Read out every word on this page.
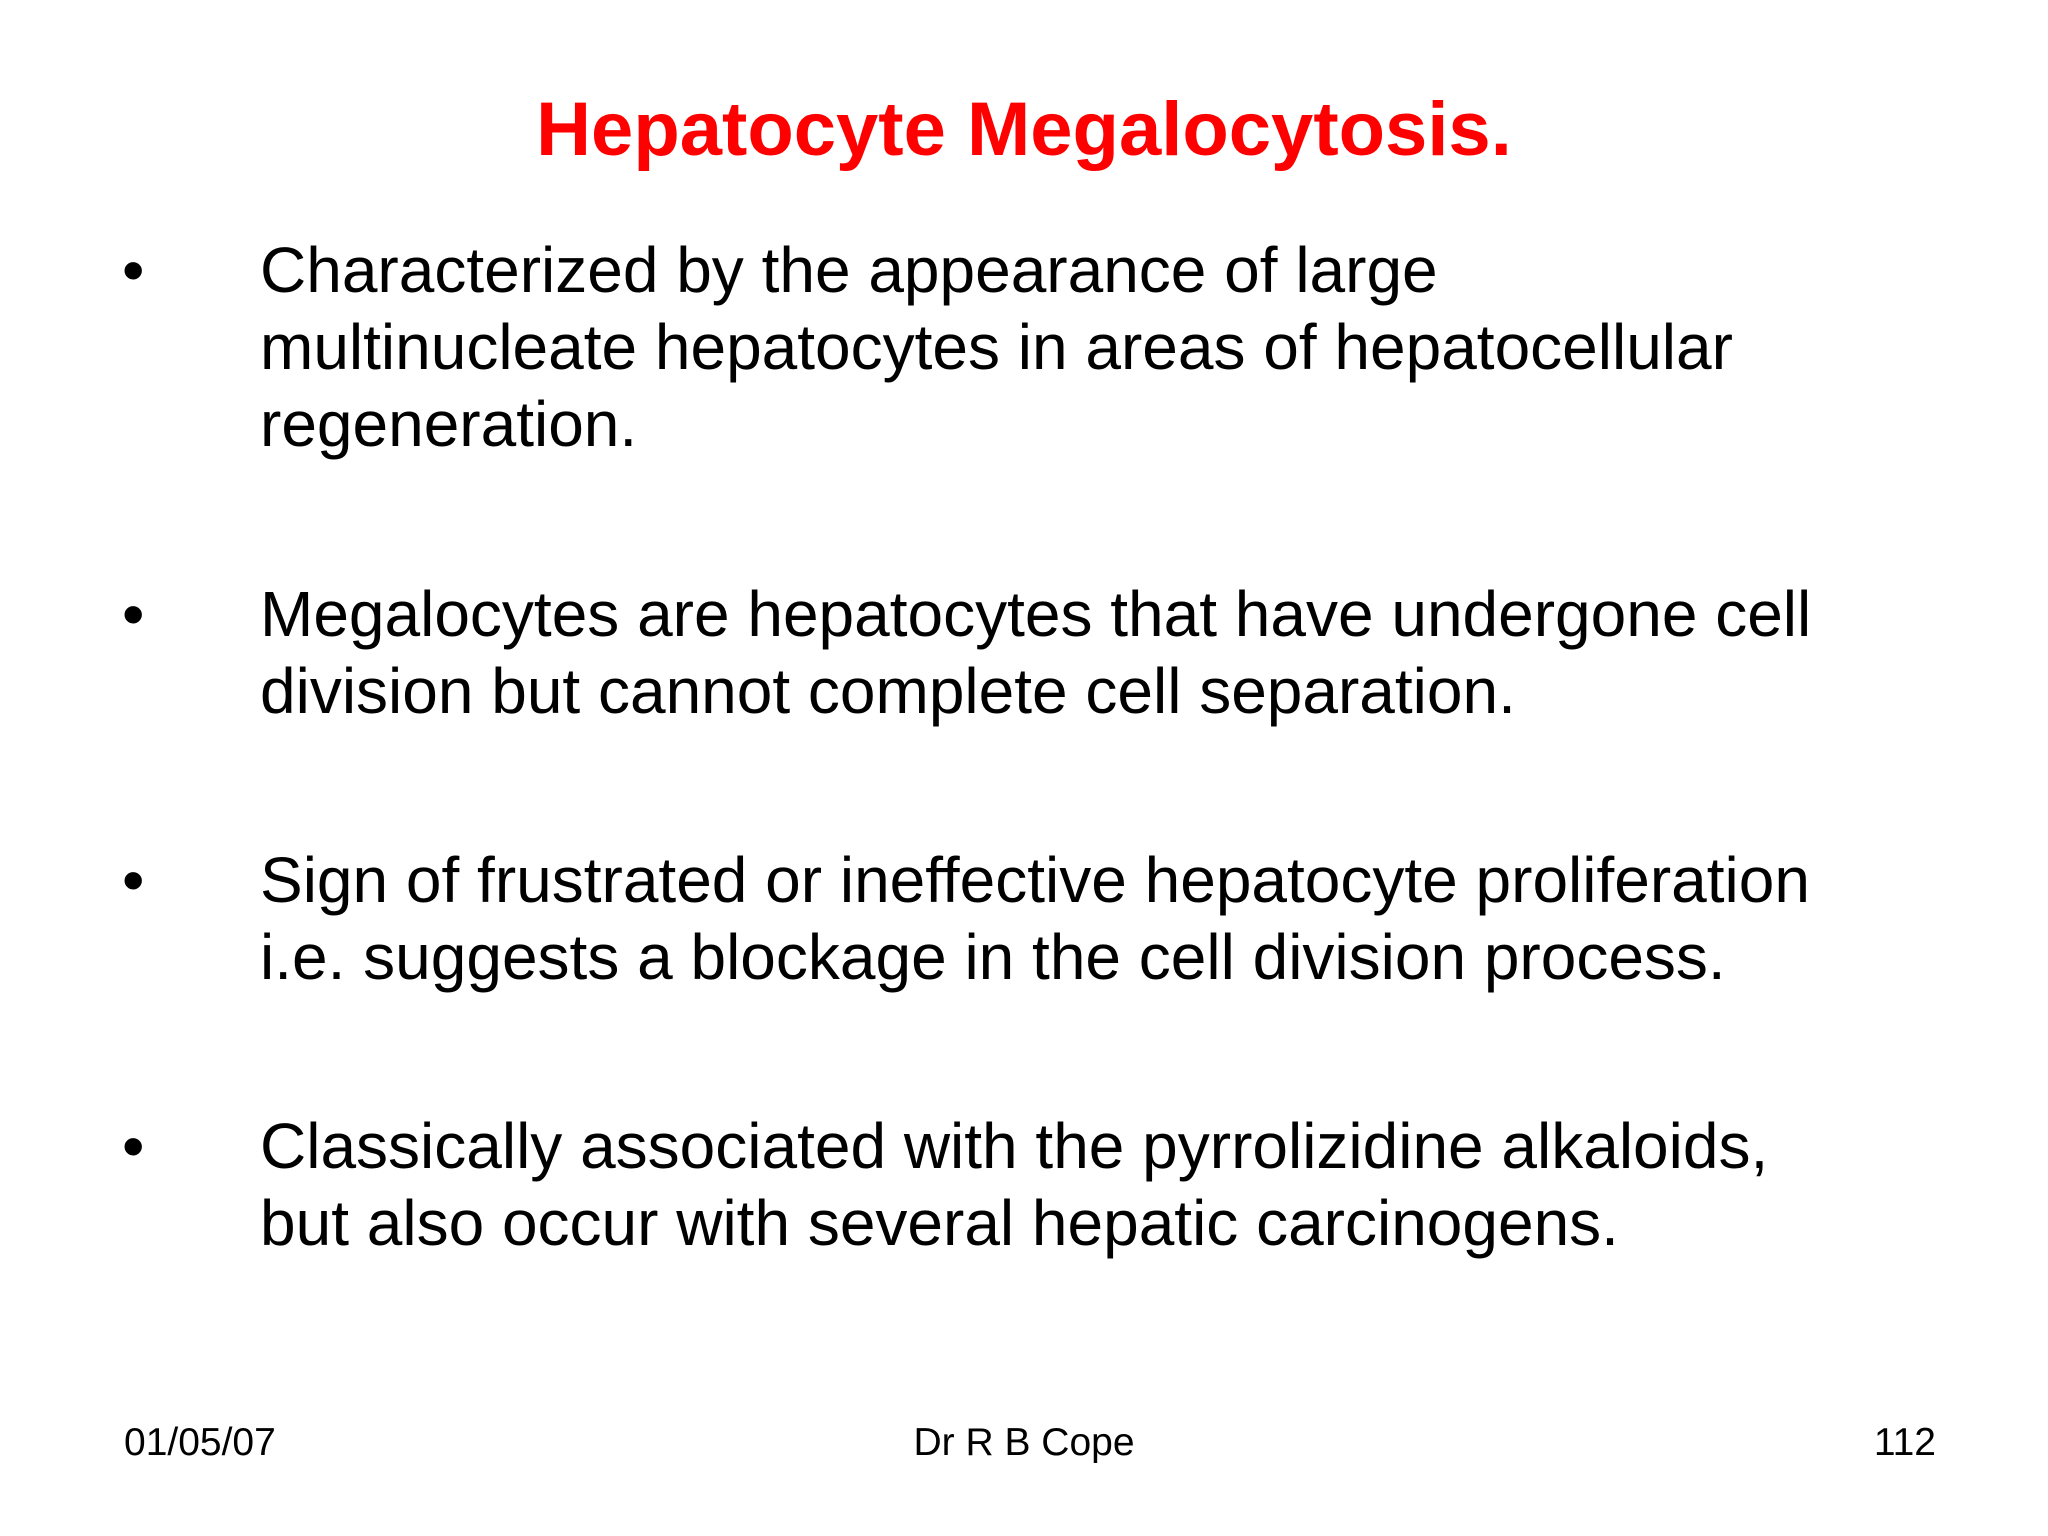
Hepatocyte Megalocytosis.
• Characterized by the appearance of large
multinucleate hepatocytes in areas of hepatocellular
regeneration.
• Megalocytes are hepatocytes that have undergone cell
division but cannot complete cell separation.
• Sign of frustrated or ineffective hepatocyte proliferation
i.e. suggests a blockage in the cell division process.
• Classically associated with the pyrrolizidine alkaloids,
but also occur with several hepatic carcinogens.
01/05/07	Dr R B Cope	112
